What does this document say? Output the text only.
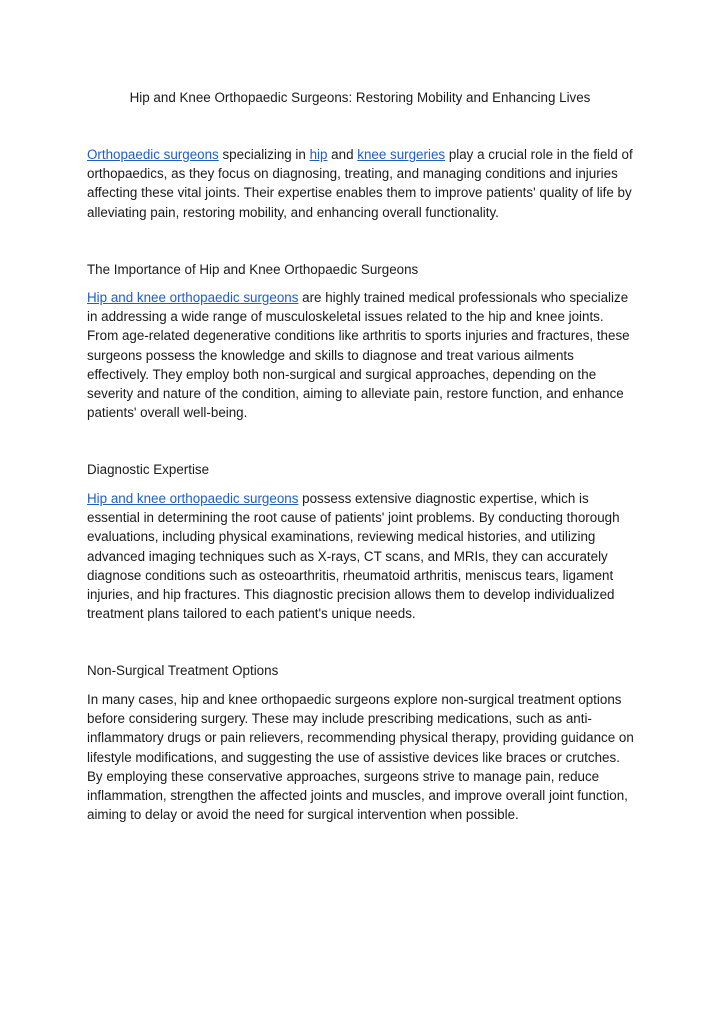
Hip and Knee Orthopaedic Surgeons: Restoring Mobility and Enhancing Lives

Orthopaedic surgeons specializing in hip and knee surgeries play a crucial role in the field of orthopaedics, as they focus on diagnosing, treating, and managing conditions and injuries affecting these vital joints. Their expertise enables them to improve patients' quality of life by alleviating pain, restoring mobility, and enhancing overall functionality.

The Importance of Hip and Knee Orthopaedic Surgeons

Hip and knee orthopaedic surgeons are highly trained medical professionals who specialize in addressing a wide range of musculoskeletal issues related to the hip and knee joints. From age-related degenerative conditions like arthritis to sports injuries and fractures, these surgeons possess the knowledge and skills to diagnose and treat various ailments effectively. They employ both non-surgical and surgical approaches, depending on the severity and nature of the condition, aiming to alleviate pain, restore function, and enhance patients' overall well-being.

Diagnostic Expertise

Hip and knee orthopaedic surgeons possess extensive diagnostic expertise, which is essential in determining the root cause of patients' joint problems. By conducting thorough evaluations, including physical examinations, reviewing medical histories, and utilizing advanced imaging techniques such as X-rays, CT scans, and MRIs, they can accurately diagnose conditions such as osteoarthritis, rheumatoid arthritis, meniscus tears, ligament injuries, and hip fractures. This diagnostic precision allows them to develop individualized treatment plans tailored to each patient's unique needs.

Non-Surgical Treatment Options

In many cases, hip and knee orthopaedic surgeons explore non-surgical treatment options before considering surgery. These may include prescribing medications, such as anti-inflammatory drugs or pain relievers, recommending physical therapy, providing guidance on lifestyle modifications, and suggesting the use of assistive devices like braces or crutches. By employing these conservative approaches, surgeons strive to manage pain, reduce inflammation, strengthen the affected joints and muscles, and improve overall joint function, aiming to delay or avoid the need for surgical intervention when possible.
